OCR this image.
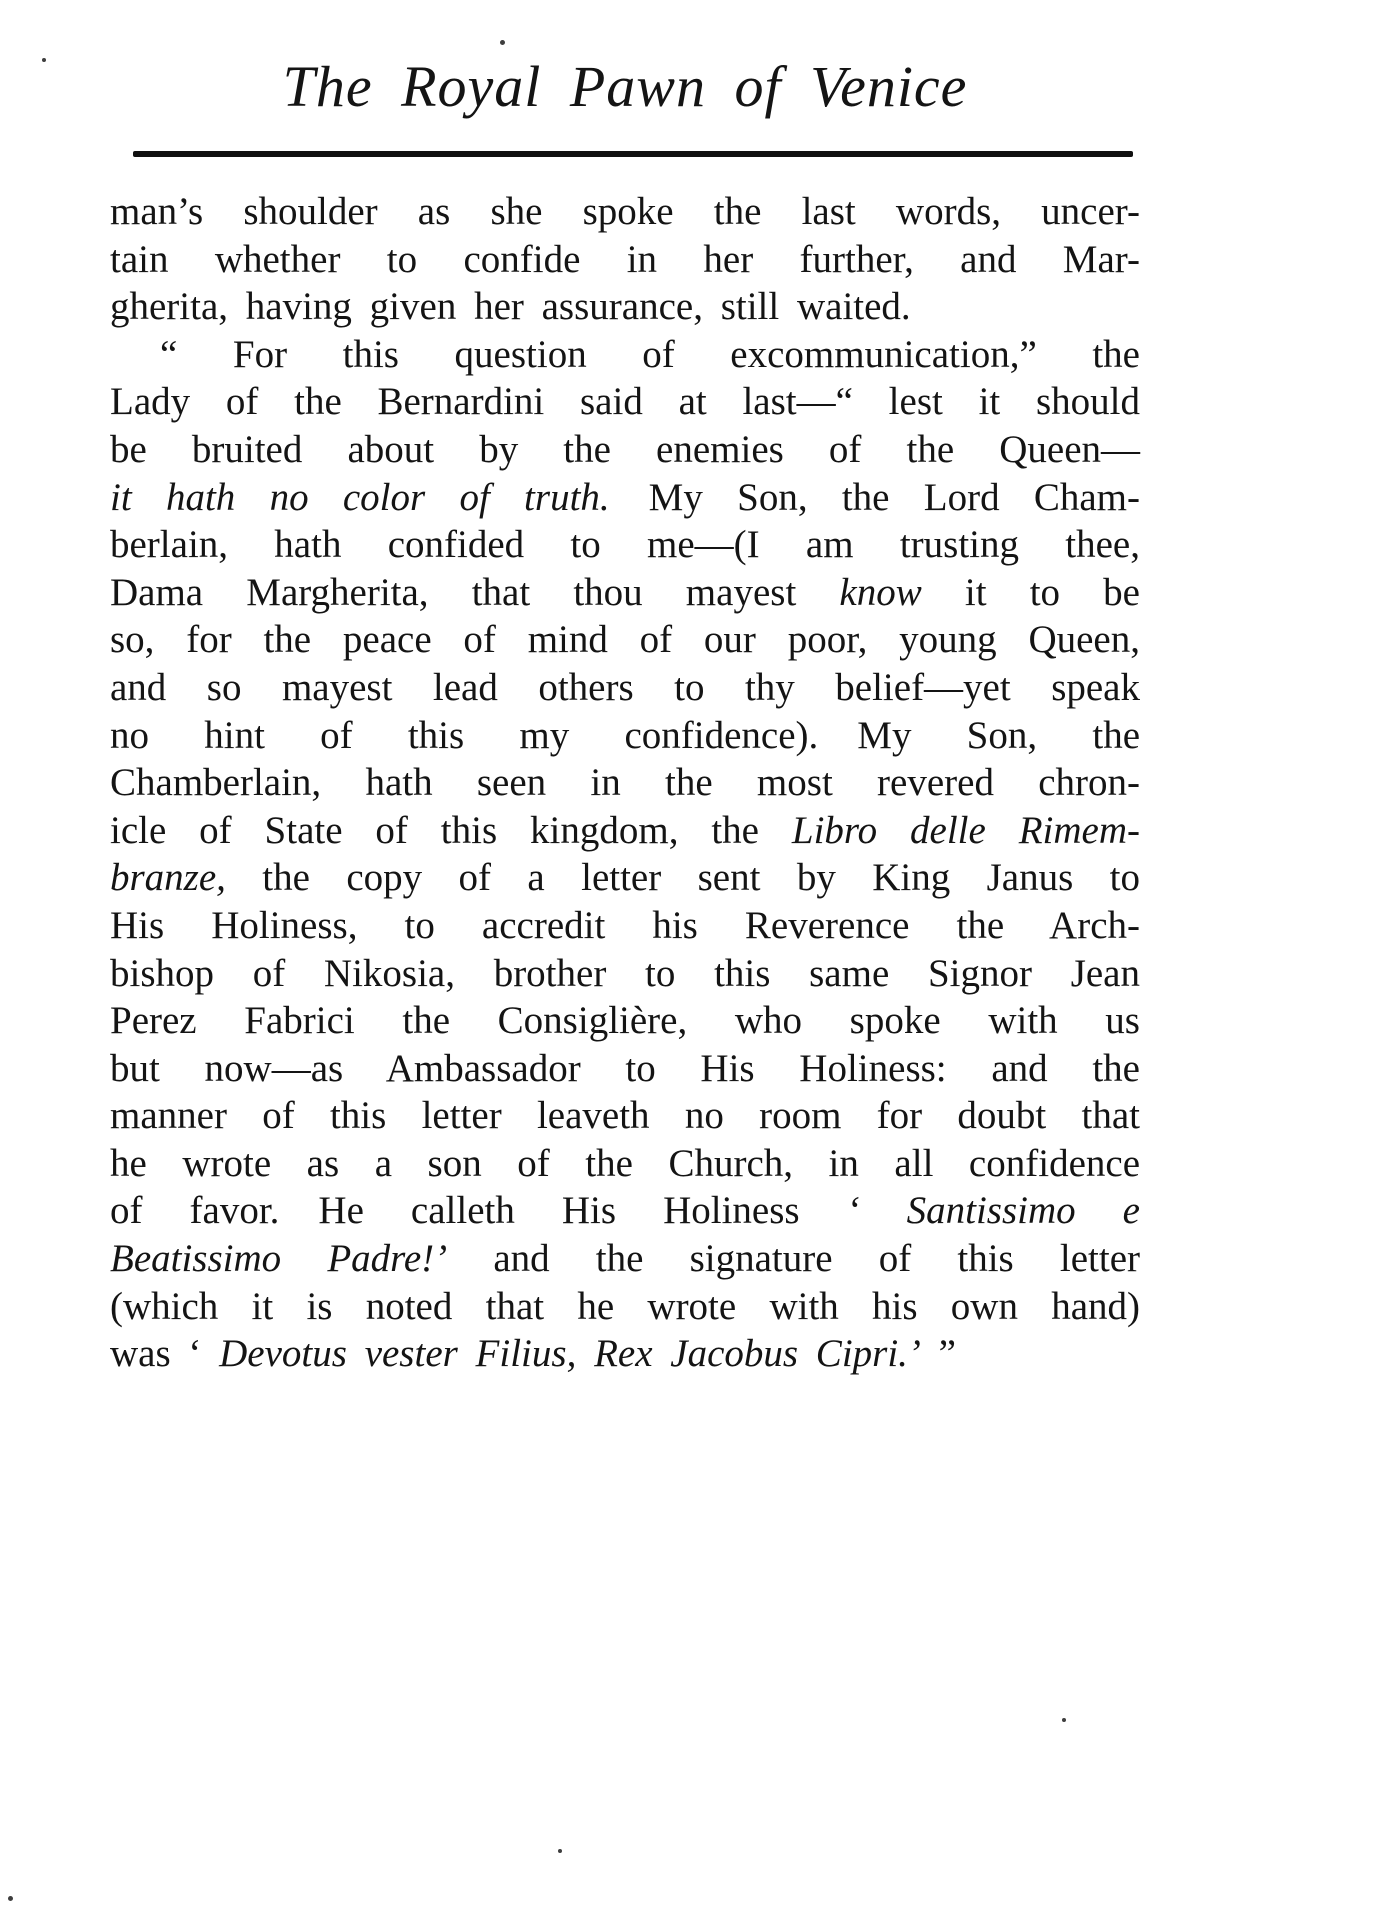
The Royal Pawn of Venice
man’s shoulder as she spoke the last words, uncer-
tain whether to confide in her further, and Mar-
gherita, having given her assurance, still waited.
“ For this question of excommunication,” the
Lady of the Bernardini said at last—“ lest it should
be bruited about by the enemies of the Queen—
it hath no color of truth. My Son, the Lord Cham-
berlain, hath confided to me—(I am trusting thee,
Dama Margherita, that thou mayest know it to be
so, for the peace of mind of our poor, young Queen,
and so mayest lead others to thy belief—yet speak
no hint of this my confidence). My Son, the
Chamberlain, hath seen in the most revered chron-
icle of State of this kingdom, the Libro delle Rimem-
branze, the copy of a letter sent by King Janus to
His Holiness, to accredit his Reverence the Arch-
bishop of Nikosia, brother to this same Signor Jean
Perez Fabrici the Consiglière, who spoke with us
but now—as Ambassador to His Holiness: and the
manner of this letter leaveth no room for doubt that
he wrote as a son of the Church, in all confidence
of favor. He calleth His Holiness ‘ Santissimo e
Beatissimo Padre!’ and the signature of this letter
(which it is noted that he wrote with his own hand)
was ‘ Devotus vester Filius, Rex Jacobus Cipri.’ ”
